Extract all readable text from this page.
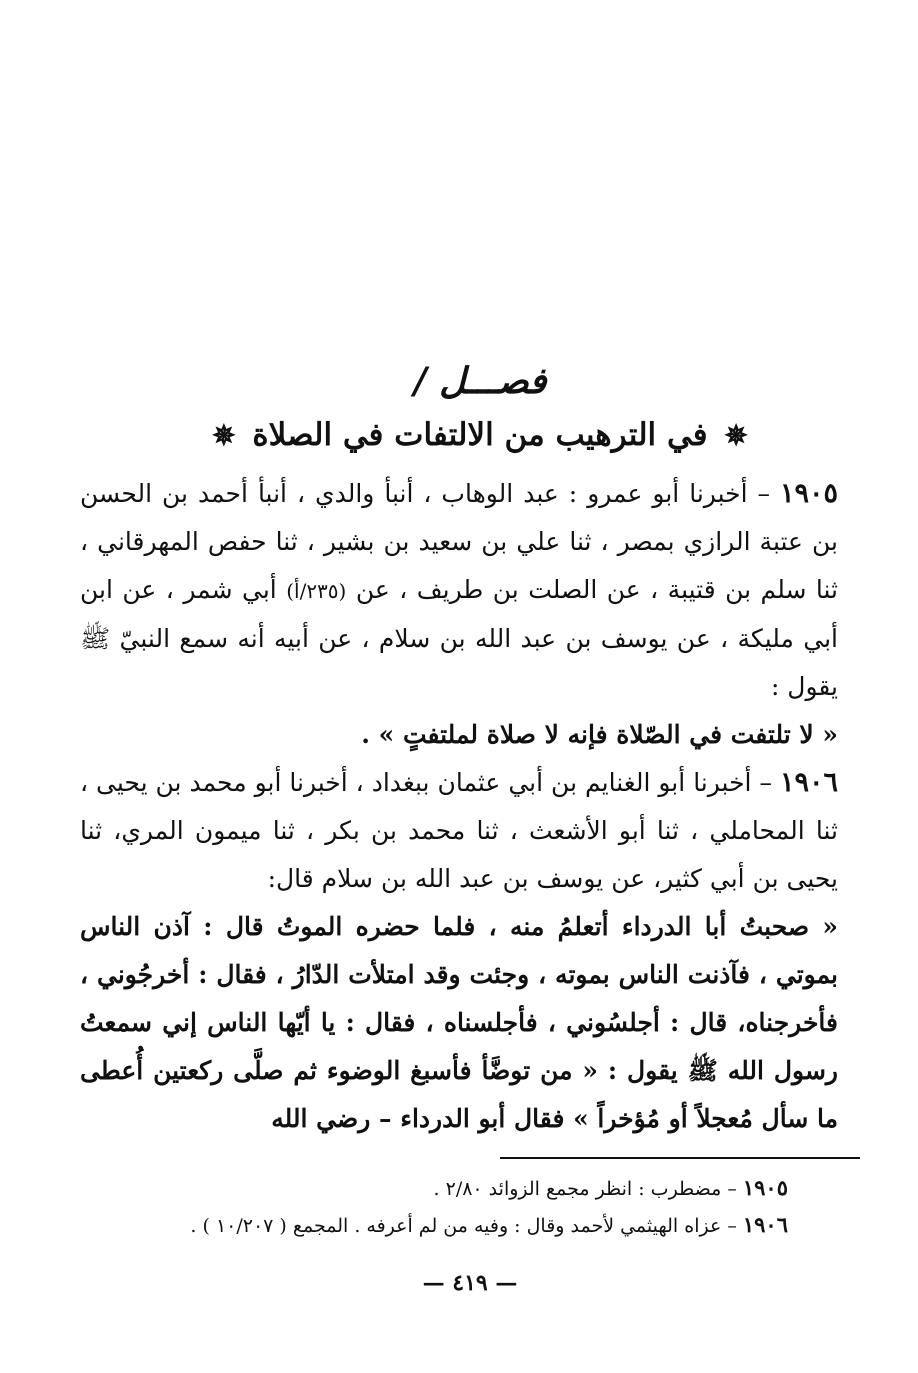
فصـــل /
✵ في الترهيب من الالتفات في الصلاة ✵

١٩٠٥ – أخبرنا أبو عمرو : عبد الوهاب ، أنبأ والدي ، أنبأ أحمد بن الحسن بن عتبة الرازي بمصر ، ثنا علي بن سعيد بن بشير ، ثنا حفص المهرقاني ، ثنا سلم بن قتيبة ، عن الصلت بن طريف ، عن (٢٣٥/أ) أبي شمر ، عن ابن أبي مليكة ، عن يوسف بن عبد الله بن سلام ، عن أبيه أنه سمع النبيّ ﷺ يقول :

« لا تلتفت في الصّلاة فإنه لا صلاة لملتفتٍ » .

١٩٠٦ – أخبرنا أبو الغنايم بن أبي عثمان ببغداد ، أخبرنا أبو محمد بن يحيى ، ثنا المحاملي ، ثنا أبو الأشعث ، ثنا محمد بن بكر ، ثنا ميمون المري، ثنا يحيى بن أبي كثير، عن يوسف بن عبد الله بن سلام قال:

« صحبتُ أبا الدرداء أتعلمُ منه ، فلما حضره الموتُ قال : آذن الناس بموتي ، فآذنت الناس بموته ، وجئت وقد امتلأت الدّارُ ، فقال : أخرجُوني ، فأخرجناه، قال : أجلسُوني ، فأجلسناه ، فقال : يا أيّها الناس إني سمعتُ رسول الله ﷺ يقول : « من توضَّأ فأسبغ الوضوء ثم صلَّى ركعتين أُعطى ما سأل مُعجلاً أو مُؤخراً » فقال أبو الدرداء – رضي الله

١٩٠٥ – مضطرب : انظر مجمع الزوائد ٢/٨٠ .

١٩٠٦ – عزاه الهيثمي لأحمد وقال : وفيه من لم أعرفه . المجمع ( ١٠/٢٠٧ ) .

— ٤١٩ —
